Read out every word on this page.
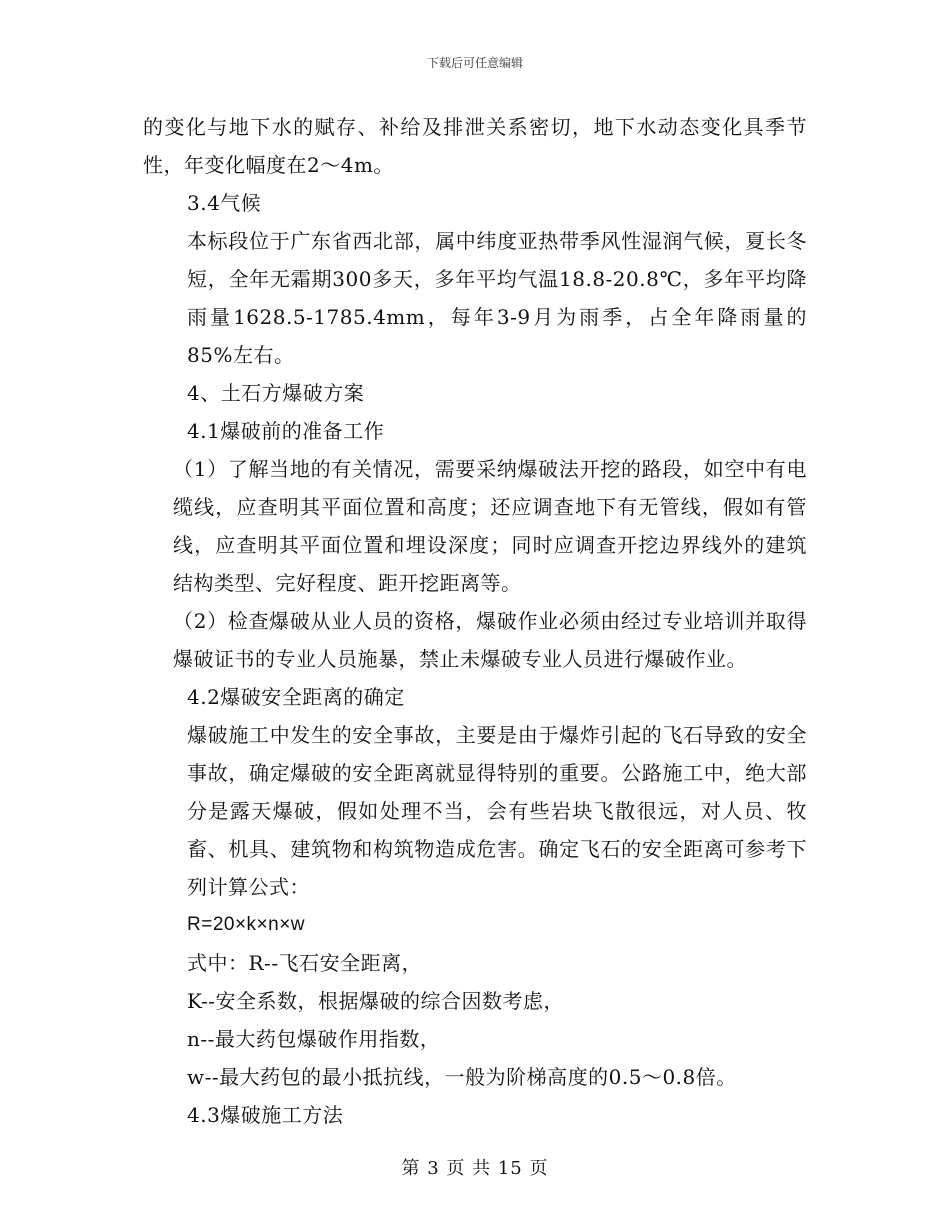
下载后可任意编辑

的变化与地下水的赋存、补给及排泄关系密切，地下水动态变化具季节性，年变化幅度在2～4m。

3.4气候

本标段位于广东省西北部，属中纬度亚热带季风性湿润气候，夏长冬短，全年无霜期300多天，多年平均气温18.8-20.8℃，多年平均降雨量1628.5-1785.4mm，每年3-9月为雨季，占全年降雨量的85%左右。

4、土石方爆破方案

4.1爆破前的准备工作

（1）了解当地的有关情况，需要采纳爆破法开挖的路段，如空中有电缆线，应查明其平面位置和高度；还应调查地下有无管线，假如有管线，应查明其平面位置和埋设深度；同时应调查开挖边界线外的建筑结构类型、完好程度、距开挖距离等。

（2）检查爆破从业人员的资格，爆破作业必须由经过专业培训并取得爆破证书的专业人员施暴，禁止未爆破专业人员进行爆破作业。

4.2爆破安全距离的确定

爆破施工中发生的安全事故，主要是由于爆炸引起的飞石导致的安全事故，确定爆破的安全距离就显得特别的重要。公路施工中，绝大部分是露天爆破，假如处理不当，会有些岩块飞散很远，对人员、牧畜、机具、建筑物和构筑物造成危害。确定飞石的安全距离可参考下列计算公式：

R=20×k×n×w

式中：R--飞石安全距离，

K--安全系数，根据爆破的综合因数考虑，

n--最大药包爆破作用指数，

w--最大药包的最小抵抗线，一般为阶梯高度的0.5～0.8倍。

4.3爆破施工方法

第 3 页 共 15 页
